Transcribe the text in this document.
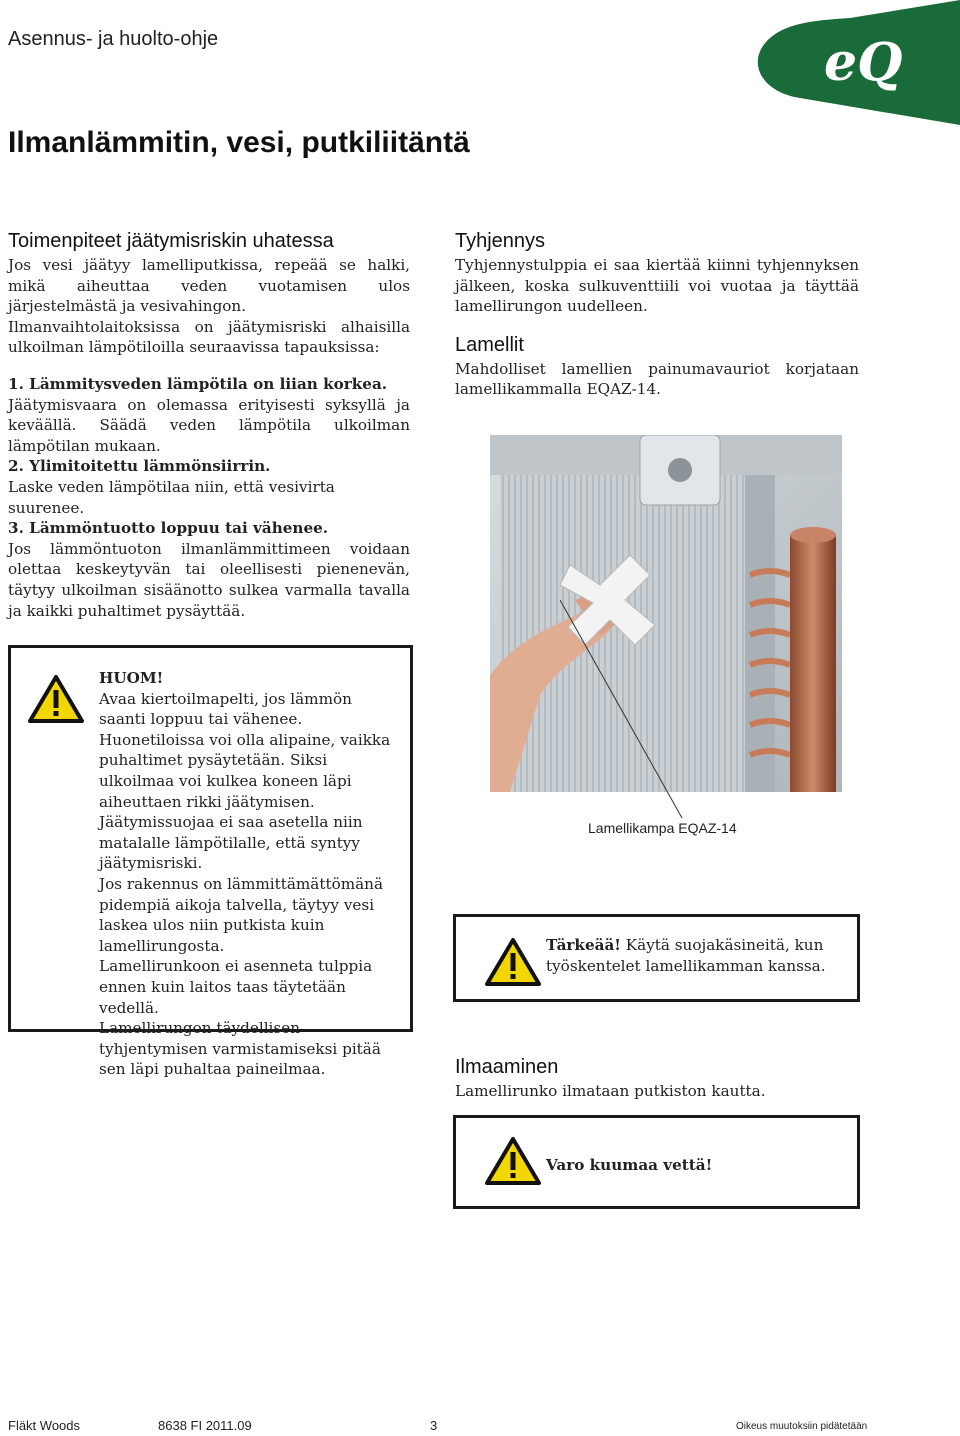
Asennus- ja huolto-ohje	eQ
Ilmanlämmitin, vesi, putkiliitäntä
Toimenpiteet jäätymisriskin uhatessa

Jos vesi jäätyy lamelliputkissa, repeää se halki, mikä aiheuttaa veden vuotamisen ulos järjestelmästä ja vesivahingon.

Ilmanvaihtolaitoksissa on jäätymisriski alhaisilla ulkoilman lämpötiloilla seuraavissa tapauksissa:

1. Lämmitysveden lämpötila on liian korkea.

Jäätymisvaara on olemassa erityisesti syksyllä ja keväällä. Säädä veden lämpötila ulkoilman lämpötilan mukaan.

2. Ylimitoitettu lämmönsiirrin.

Laske veden lämpötilaa niin, että vesivirta suurenee.

3. Lämmöntuotto loppuu tai vähenee.

Jos lämmöntuoton ilmanlämmittimeen voidaan olettaa keskeytyvän tai oleellisesti pienenevän, täytyy ulkoilman sisäänotto sulkea varmalla tavalla ja kaikki puhaltimet pysäyttää.

Tyhjennys

Tyhjennystulppia ei saa kiertää kiinni tyhjennyksen jälkeen, koska sulkuventtiili voi vuotaa ja täyttää lamellirungon uudelleen.

Lamellit

Mahdolliset lamellien painumavauriot korjataan lamellikammalla EQAZ-14.

Lamellikampa EQAZ-14

HUOM!

Avaa kiertoilmapelti, jos lämmön saanti loppuu tai vähenee.

Huonetiloissa voi olla alipaine, vaikka puhaltimet pysäytetään. Siksi ulkoilmaa voi kulkea koneen läpi aiheuttaen rikki jäätymisen.

Jäätymissuojaa ei saa asetella niin matalalle lämpötilalle, että syntyy jäätymisriski.

Jos rakennus on lämmittämättömänä pidempiä aikoja talvella, täytyy vesi laskea ulos niin putkista kuin lamellirungosta.

Lamellirunkoon ei asenneta tulppia ennen kuin laitos taas täytetään vedellä.

Lamellirungon täydellisen tyhjentymisen varmistamiseksi pitää sen läpi puhaltaa paineilmaa.

Tärkeää! Käytä suojakäsineitä, kun työskentelet lamellikamman kanssa.
Ilmaaminen

Lamellirunko ilmataan putkiston kautta.

Varo kuumaa vettä!
Fläkt Woods	8638 FI 2011.09	3	Oikeus muutoksiin pidätetään
